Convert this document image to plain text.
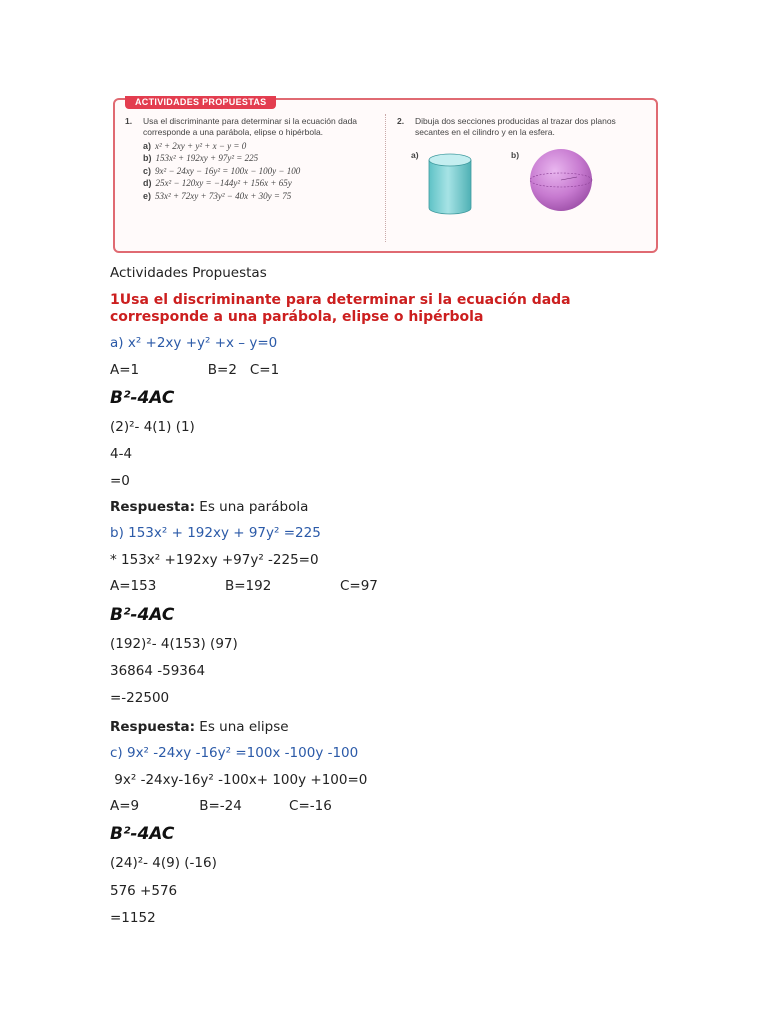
ACTIVIDADES PROPUESTAS
1. Usa el discriminante para determinar si la ecuación dada corresponde a una parábola, elipse o hipérbola.
a) x² + 2xy + y² + x − y = 0
b) 153x² + 192xy + 97y² = 225
c) 9x² − 24xy − 16y² = 100x − 100y − 100
d) 25x² − 120xy = −144y² + 156x + 65y
e) 53x² + 72xy + 73y² − 40x + 30y = 75
2. Dibuja dos secciones producidas al trazar dos planos secantes en el cilindro y en la esfera.
a)	b)
Actividades Propuestas
1Usa el discriminante para determinar si la ecuación dada corresponde a una parábola, elipse o hipérbola
a) x² +2xy +y² +x – y=0
A=1                B=2   C=1
B²-4AC
(2)²- 4(1) (1)
4-4
=0
Respuesta: Es una parábola
b) 153x² + 192xy + 97y² =225
* 153x² +192xy +97y² -225=0
A=153                B=192                C=97
B²-4AC
(192)²- 4(153) (97)
36864 -59364
=-22500
Respuesta: Es una elipse
c) 9x² -24xy -16y² =100x -100y -100
9x² -24xy-16y² -100x+ 100y +100=0
A=9              B=-24           C=-16
B²-4AC
(24)²- 4(9) (-16)
576 +576
=1152
